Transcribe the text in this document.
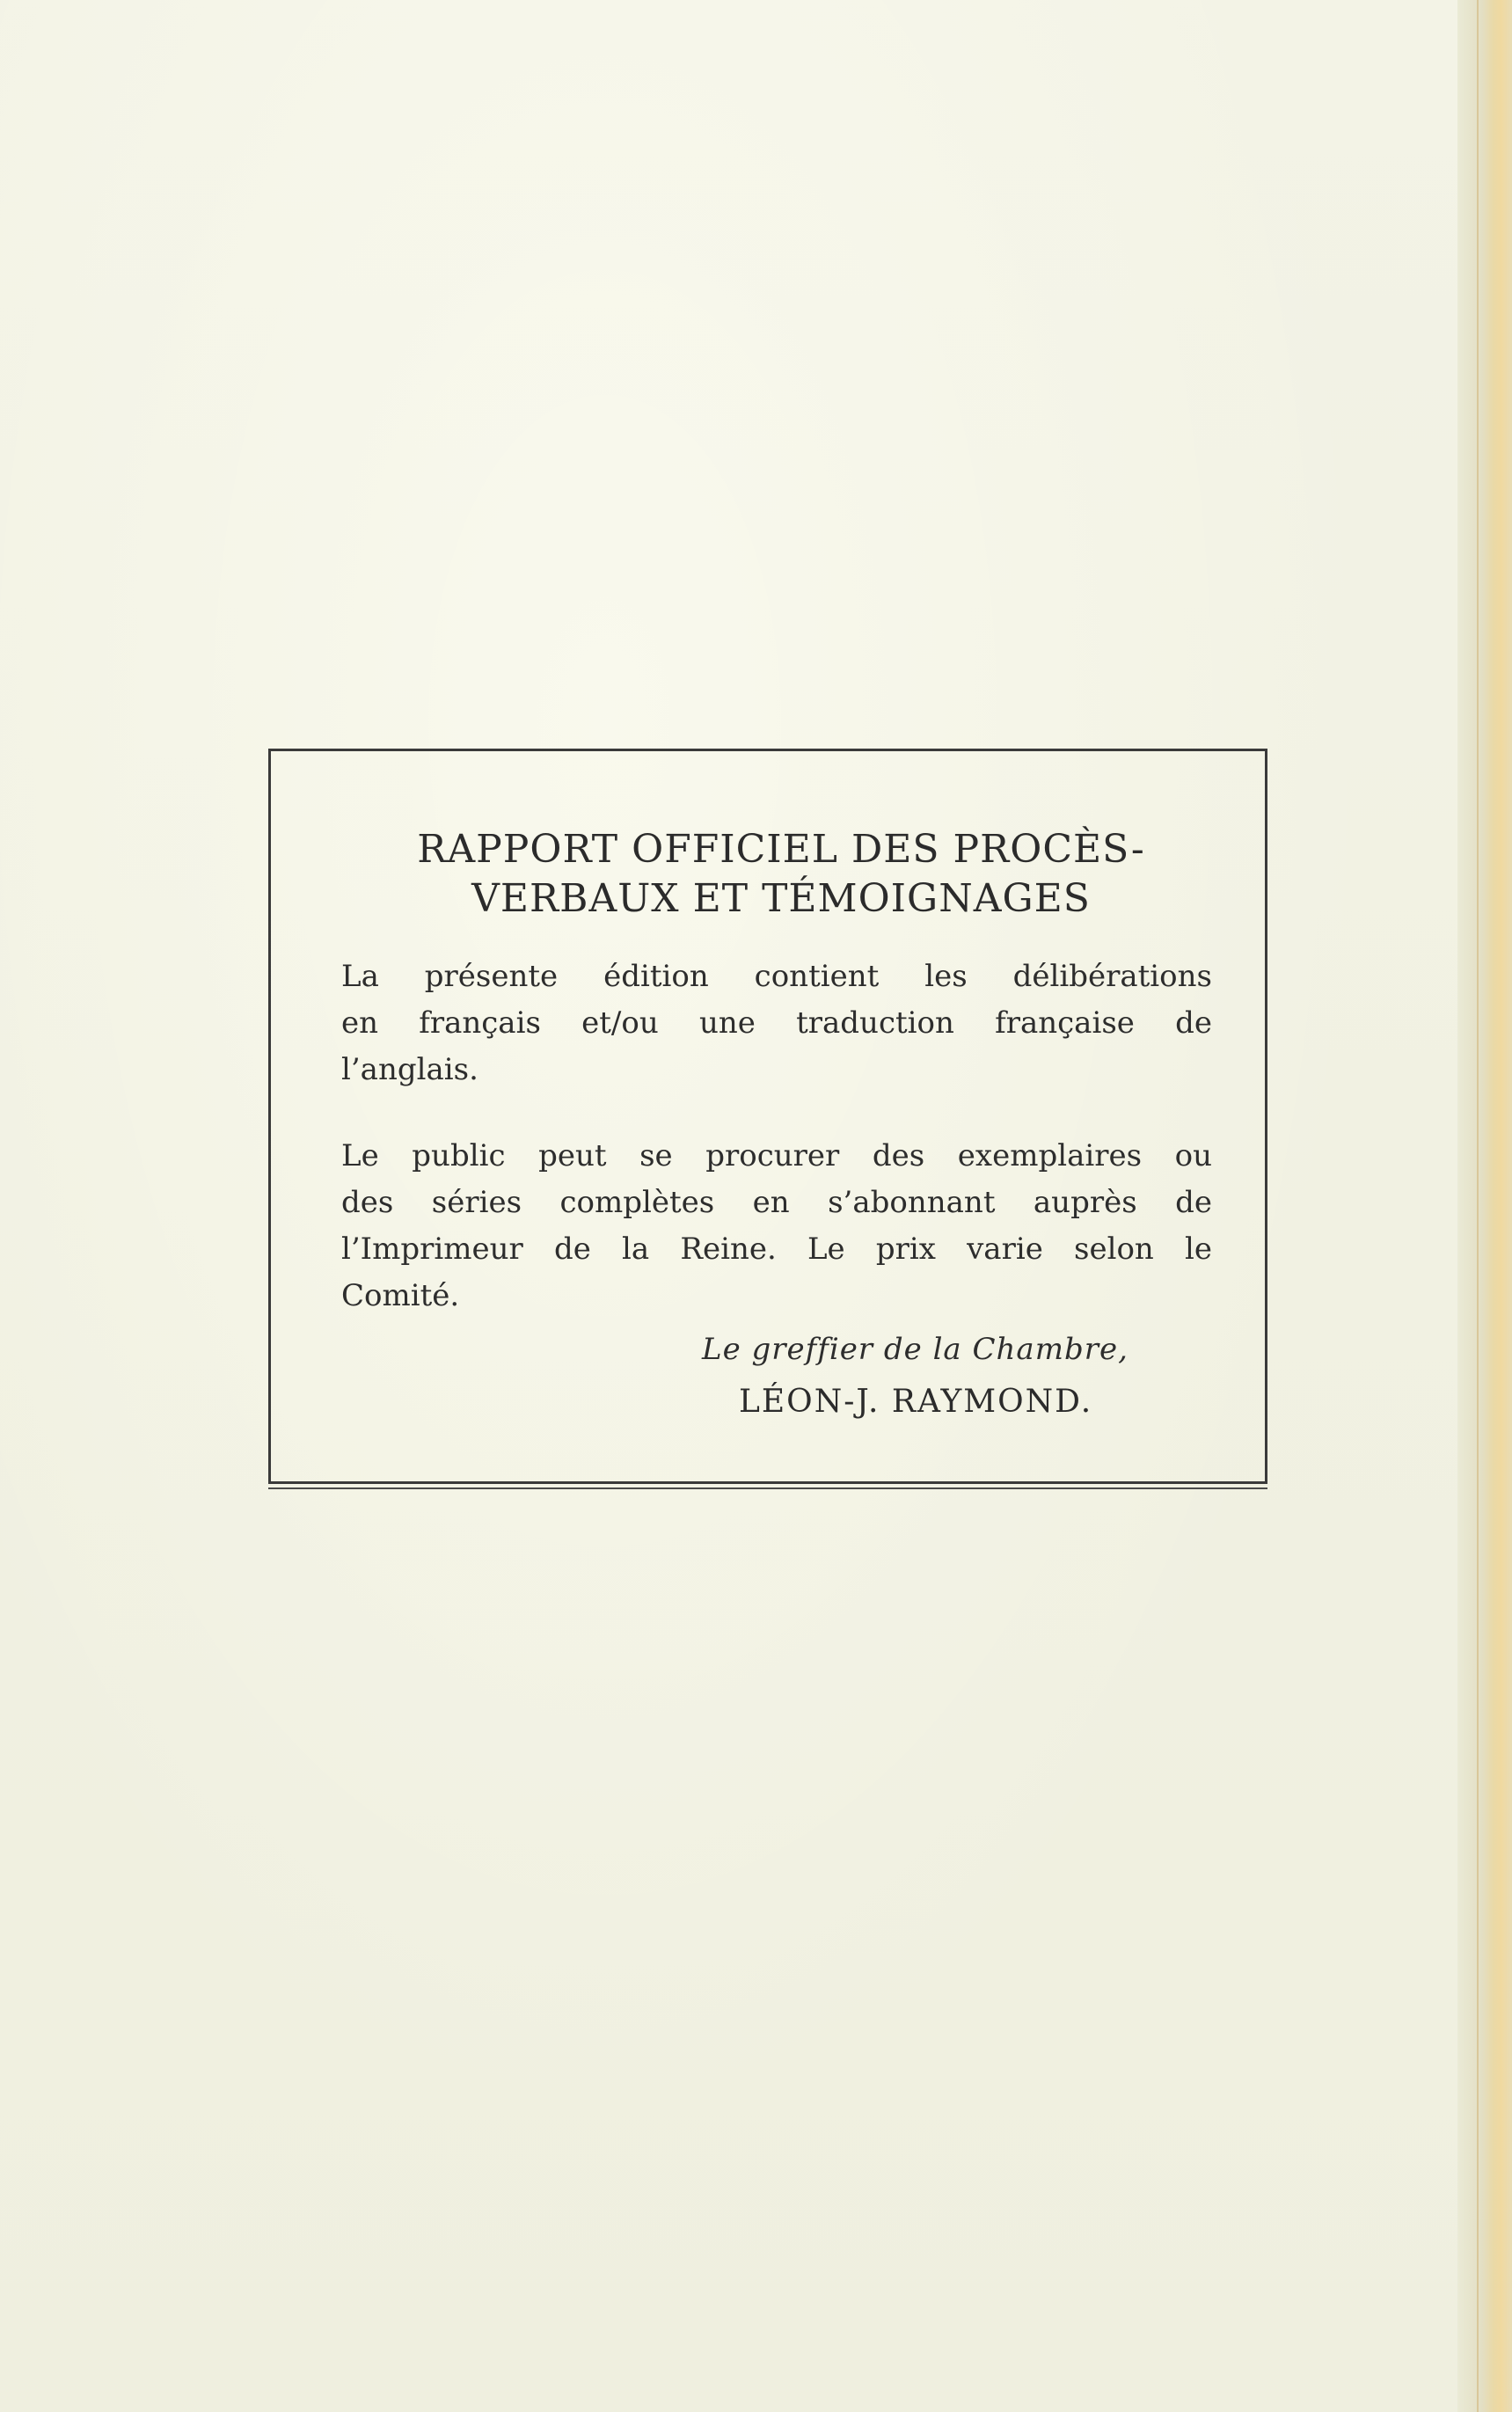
RAPPORT OFFICIEL DES PROCÈS-
VERBAUX ET TÉMOIGNAGES

La présente édition contient les délibérations
en français et/ou une traduction française de
l’anglais.

Le public peut se procurer des exemplaires ou
des séries complètes en s’abonnant auprès de
l’Imprimeur de la Reine. Le prix varie selon le
Comité.

Le greffier de la Chambre,

LÉON-J. RAYMOND.
